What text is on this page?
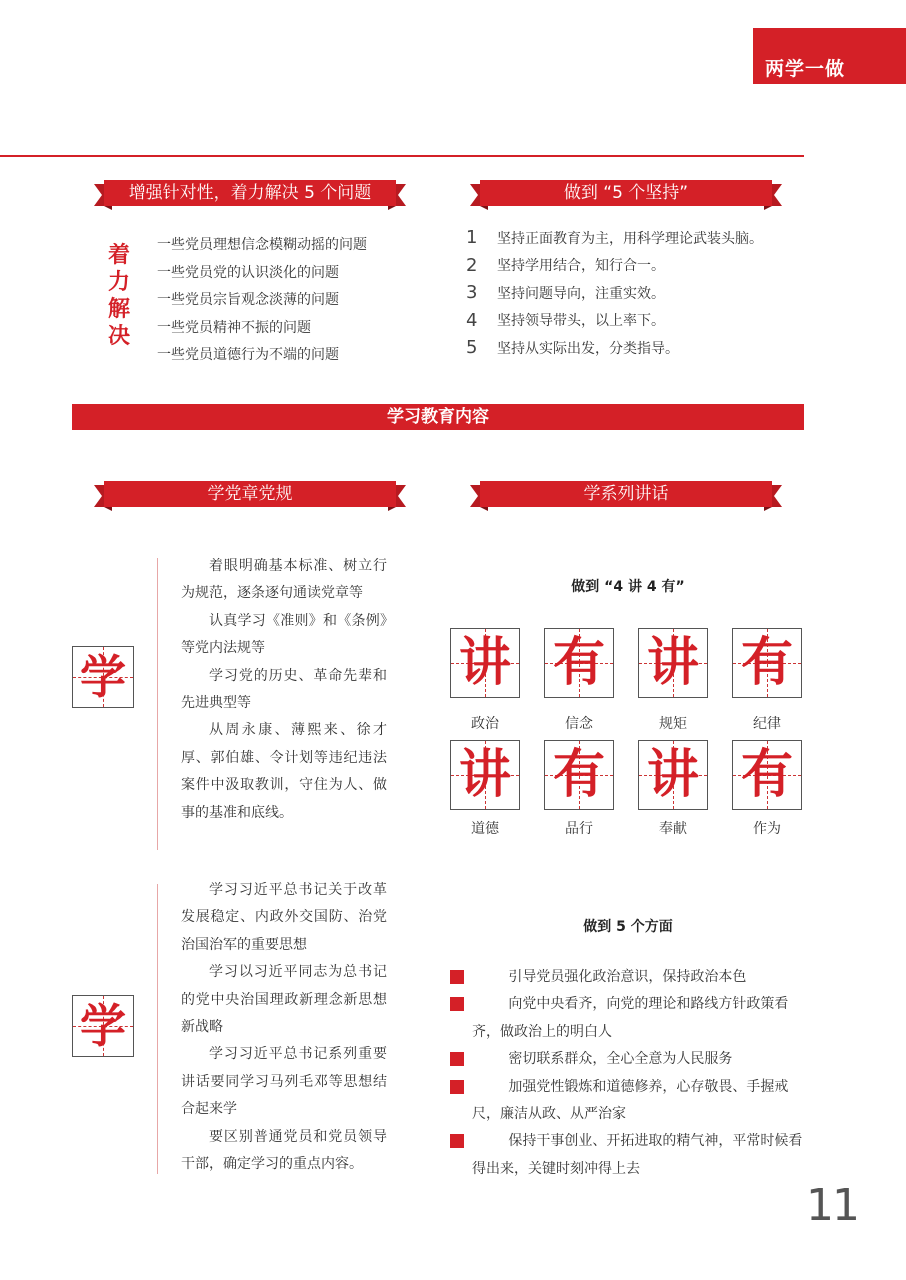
两学一做
增强针对性，着力解决 5 个问题	做到 “5 个坚持”
着
力
解
决
一些党员理想信念模糊动摇的问题
一些党员党的认识淡化的问题
一些党员宗旨观念淡薄的问题
一些党员精神不振的问题
一些党员道德行为不端的问题
1	坚持正面教育为主，用科学理论武装头脑。
2	坚持学用结合，知行合一。
3	坚持问题导向，注重实效。
4	坚持领导带头，以上率下。
5	坚持从实际出发，分类指导。
学习教育内容
学党章党规	学系列讲话
学

着眼明确基本标准、树立行为规范，逐条逐句通读党章等

认真学习《准则》和《条例》等党内法规等

学习党的历史、革命先辈和先进典型等

从周永康、薄熙来、徐才厚、郭伯雄、令计划等违纪违法案件中汲取教训，守住为人、做事的基准和底线。

学

学习习近平总书记关于改革发展稳定、内政外交国防、治党治国治军的重要思想

学习以习近平同志为总书记的党中央治国理政新理念新思想新战略

学习习近平总书记系列重要讲话要同学习马列毛邓等思想结合起来学

要区别普通党员和党员领导干部，确定学习的重点内容。

做到 “4 讲 4 有”
讲 有 讲 有
政治	信念	规矩	纪律
讲 有 讲 有
道德	品行	奉献	作为
做到 5 个方面
引导党员强化政治意识，保持政治本色
向党中央看齐，向党的理论和路线方针政策看齐，做政治上的明白人
密切联系群众，全心全意为人民服务
加强党性锻炼和道德修养，心存敬畏、手握戒尺，廉洁从政、从严治家
保持干事创业、开拓进取的精气神，平常时候看得出来，关键时刻冲得上去
11
